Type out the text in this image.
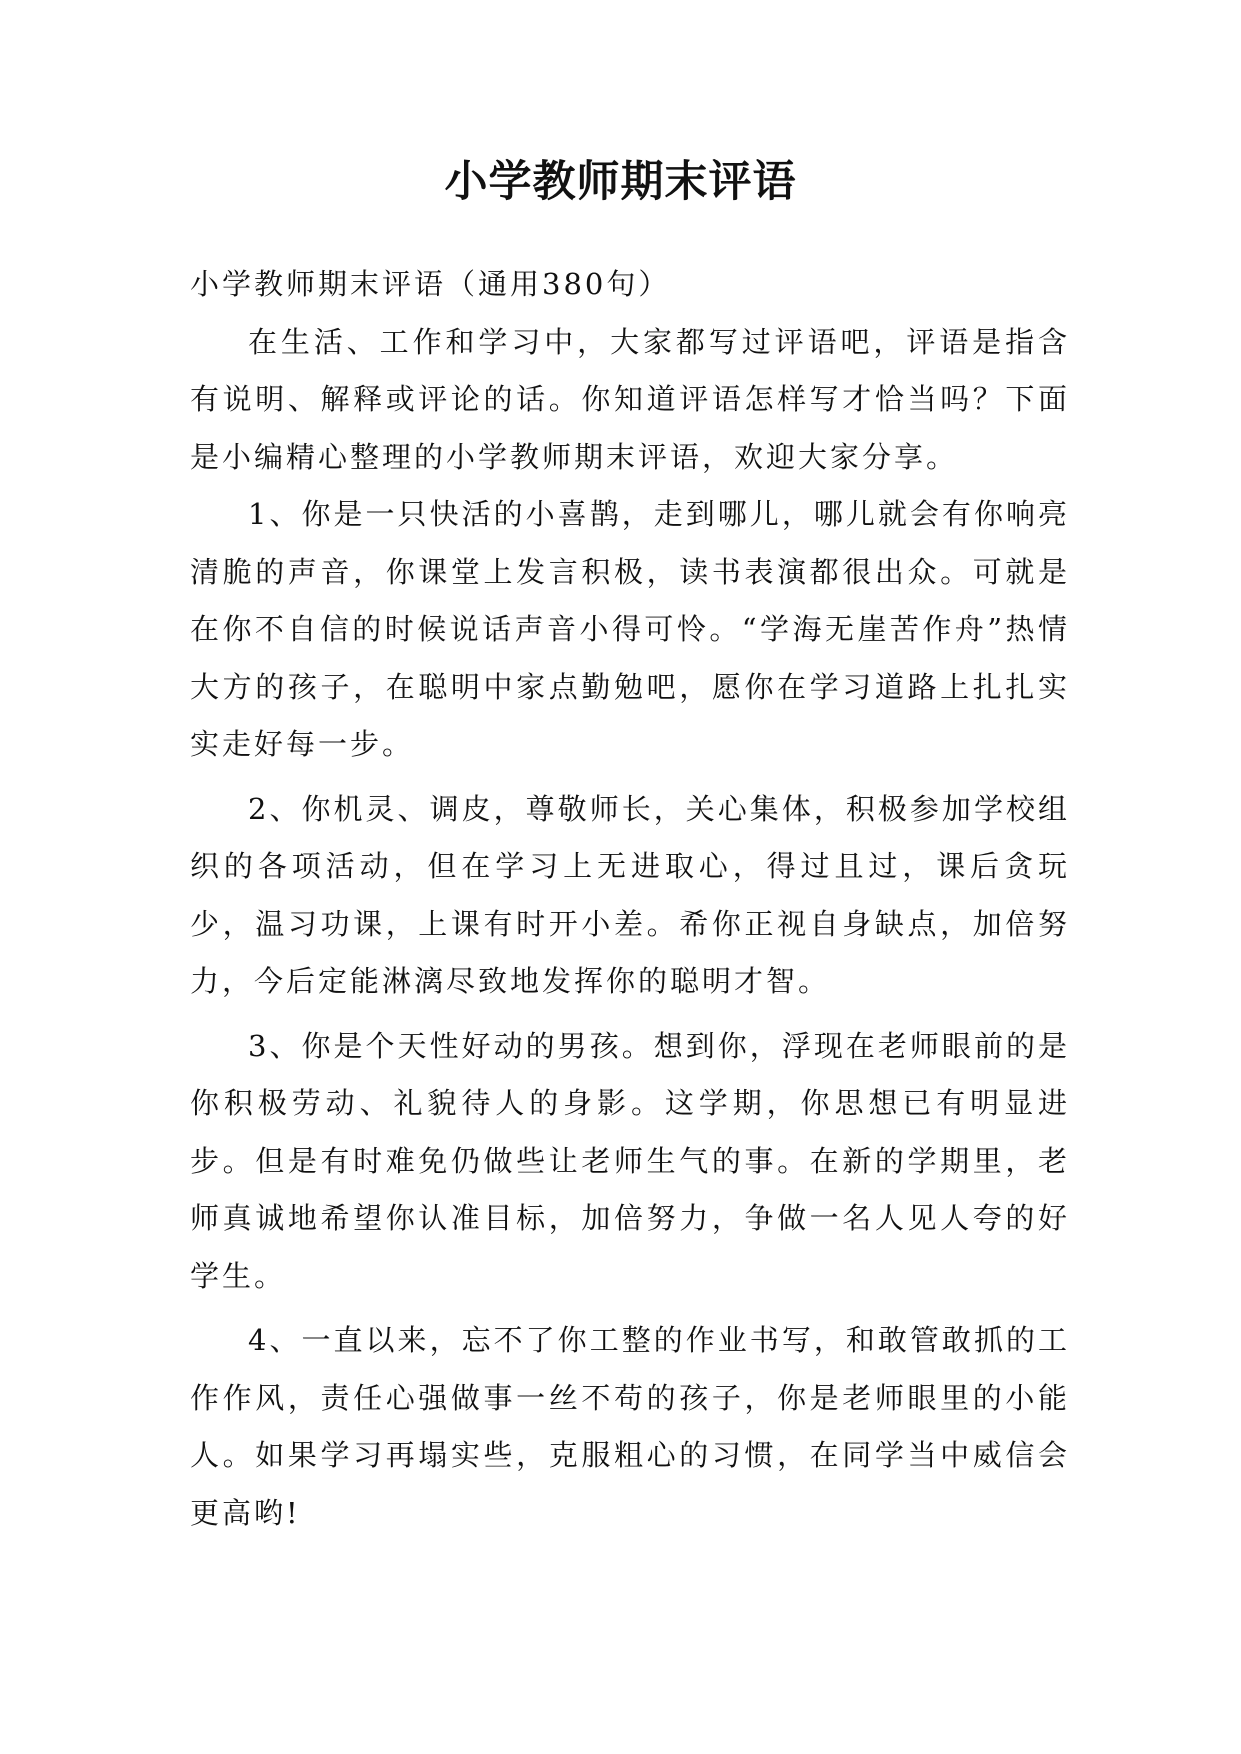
小学教师期末评语

小学教师期末评语（通用380句）

在生活、工作和学习中，大家都写过评语吧，评语是指含有说明、解释或评论的话。你知道评语怎样写才恰当吗？下面是小编精心整理的小学教师期末评语，欢迎大家分享。

1、你是一只快活的小喜鹊，走到哪儿，哪儿就会有你响亮清脆的声音，你课堂上发言积极，读书表演都很出众。可就是在你不自信的时候说话声音小得可怜。“学海无崖苦作舟”热情大方的孩子，在聪明中家点勤勉吧，愿你在学习道路上扎扎实实走好每一步。

2、你机灵、调皮，尊敬师长，关心集体，积极参加学校组织的各项活动，但在学习上无进取心，得过且过，课后贪玩少，温习功课，上课有时开小差。希你正视自身缺点，加倍努力，今后定能淋漓尽致地发挥你的聪明才智。

3、你是个天性好动的男孩。想到你，浮现在老师眼前的是你积极劳动、礼貌待人的身影。这学期，你思想已有明显进步。但是有时难免仍做些让老师生气的事。在新的学期里，老师真诚地希望你认准目标，加倍努力，争做一名人见人夸的好学生。

4、一直以来，忘不了你工整的作业书写，和敢管敢抓的工作作风，责任心强做事一丝不苟的孩子，你是老师眼里的小能人。如果学习再塌实些，克服粗心的习惯，在同学当中威信会更高哟!
